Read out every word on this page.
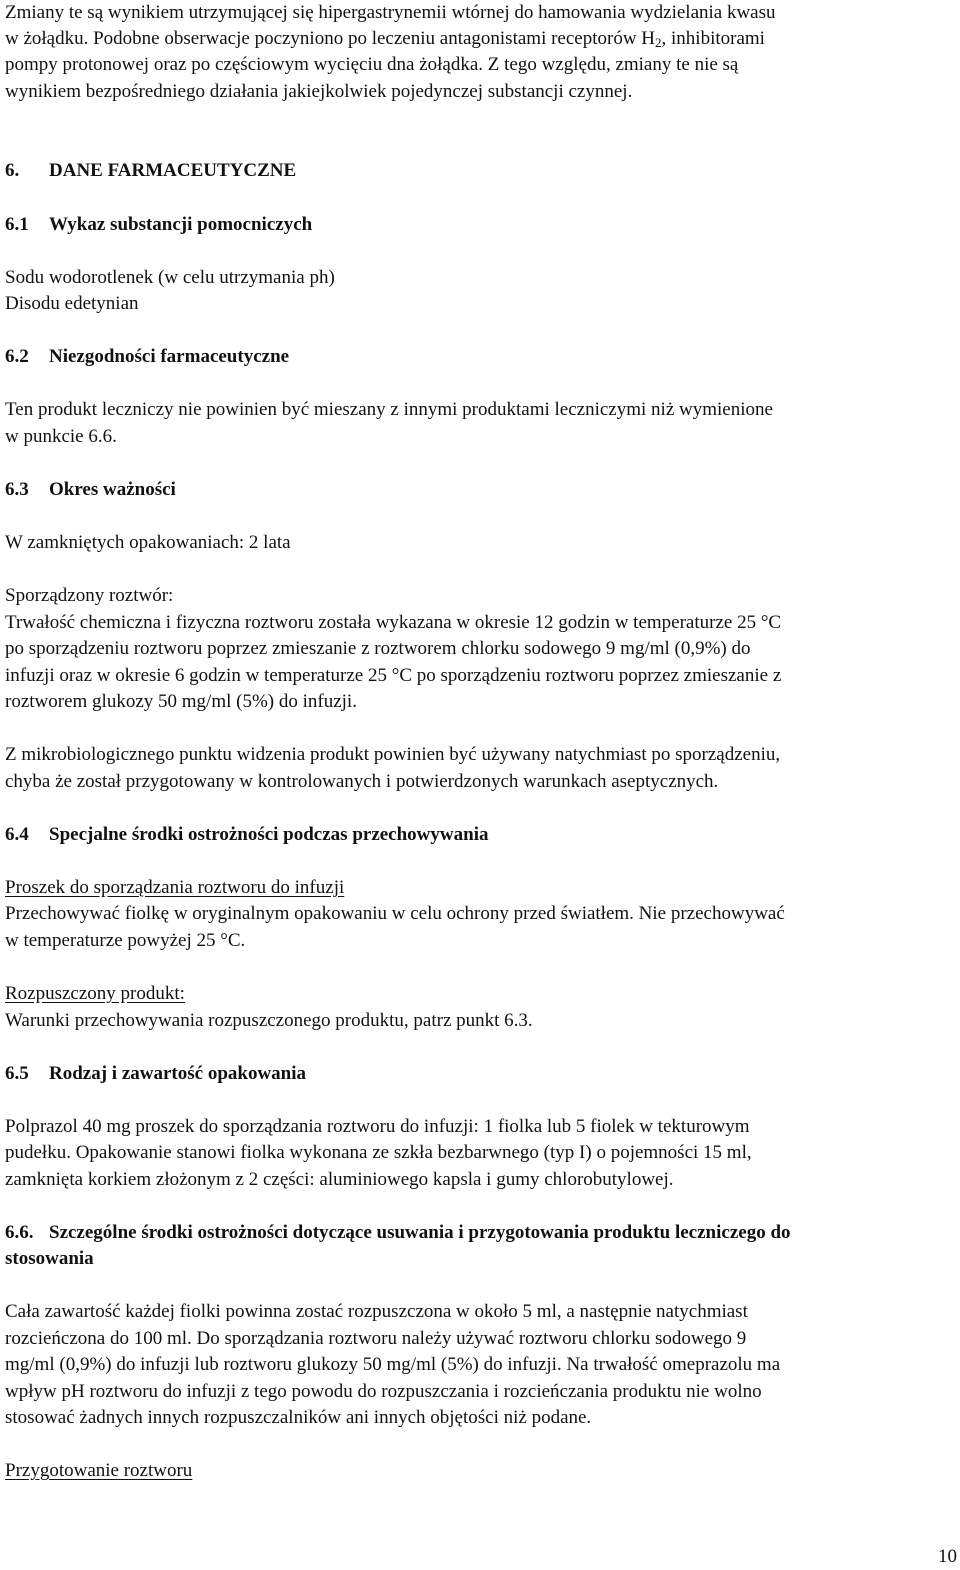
Zmiany te są wynikiem utrzymującej się hipergastrynemii wtórnej do hamowania wydzielania kwasu
w żołądku. Podobne obserwacje poczyniono po leczeniu antagonistami receptorów $H_2$, inhibitorami
pompy protonowej oraz po częściowym wycięciu dna żołądka. Z tego względu, zmiany te nie są
wynikiem bezpośredniego działania jakiejkolwiek pojedynczej substancji czynnej.
6. DANE FARMACEUTYCZNE
6.1 Wykaz substancji pomocniczych
Sodu wodorotlenek (w celu utrzymania ph)
Disodu edetynian
6.2 Niezgodności farmaceutyczne
Ten produkt leczniczy nie powinien być mieszany z innymi produktami leczniczymi niż wymienione
w punkcie 6.6.
6.3 Okres ważności
W zamkniętych opakowaniach: 2 lata
Sporządzony roztwór:
Trwałość chemiczna i fizyczna roztworu została wykazana w okresie 12 godzin w temperaturze 25 °C
po sporządzeniu roztworu poprzez zmieszanie z roztworem chlorku sodowego 9 mg/ml (0,9%) do
infuzji oraz w okresie 6 godzin w temperaturze 25 °C po sporządzeniu roztworu poprzez zmieszanie z
roztworem glukozy 50 mg/ml (5%) do infuzji.
Z mikrobiologicznego punktu widzenia produkt powinien być używany natychmiast po sporządzeniu,
chyba że został przygotowany w kontrolowanych i potwierdzonych warunkach aseptycznych.
6.4 Specjalne środki ostrożności podczas przechowywania
Proszek do sporządzania roztworu do infuzji
Przechowywać fiolkę w oryginalnym opakowaniu w celu ochrony przed światłem. Nie przechowywać
w temperaturze powyżej 25 °C.
Rozpuszczony produkt:
Warunki przechowywania rozpuszczonego produktu, patrz punkt 6.3.
6.5 Rodzaj i zawartość opakowania
Polprazol 40 mg proszek do sporządzania roztworu do infuzji: 1 fiolka lub 5 fiolek w tekturowym
pudełku. Opakowanie stanowi fiolka wykonana ze szkła bezbarwnego (typ I) o pojemności 15 ml,
zamknięta korkiem złożonym z 2 części: aluminiowego kapsla i gumy chlorobutylowej.
6.6. Szczególne środki ostrożności dotyczące usuwania i przygotowania produktu leczniczego do
stosowania
Cała zawartość każdej fiolki powinna zostać rozpuszczona w około 5 ml, a następnie natychmiast
rozcieńczona do 100 ml. Do sporządzania roztworu należy używać roztworu chlorku sodowego 9
mg/ml (0,9%) do infuzji lub roztworu glukozy 50 mg/ml (5%) do infuzji. Na trwałość omeprazolu ma
wpływ pH roztworu do infuzji z tego powodu do rozpuszczania i rozcieńczania produktu nie wolno
stosować żadnych innych rozpuszczalników ani innych objętości niż podane.
Przygotowanie roztworu
10
